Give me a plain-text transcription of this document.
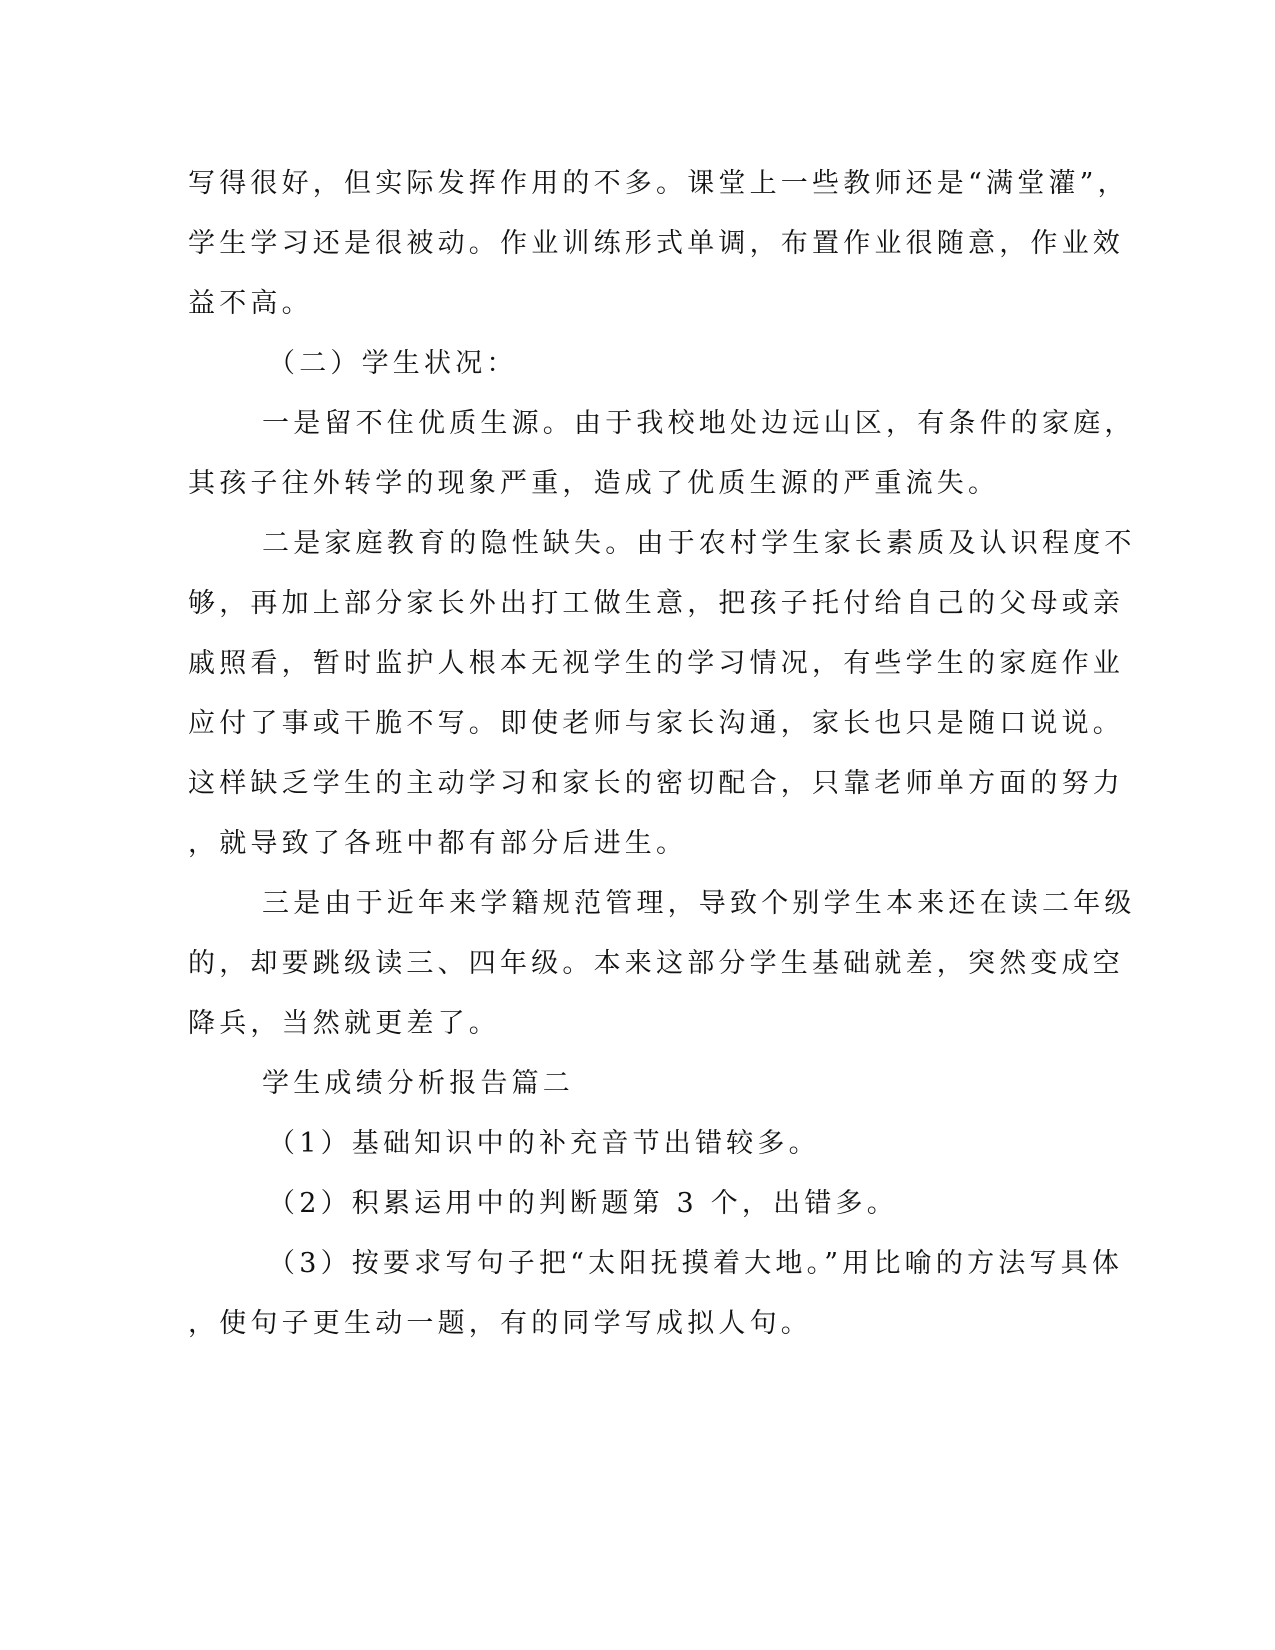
写得很好，但实际发挥作用的不多。课堂上一些教师还是“满堂灌”，
学生学习还是很被动。作业训练形式单调，布置作业很随意，作业效
益不高。
（二）学生状况：
一是留不住优质生源。由于我校地处边远山区，有条件的家庭，
其孩子往外转学的现象严重，造成了优质生源的严重流失。
二是家庭教育的隐性缺失。由于农村学生家长素质及认识程度不
够，再加上部分家长外出打工做生意，把孩子托付给自己的父母或亲
戚照看，暂时监护人根本无视学生的学习情况，有些学生的家庭作业
应付了事或干脆不写。即使老师与家长沟通，家长也只是随口说说。
这样缺乏学生的主动学习和家长的密切配合，只靠老师单方面的努力
，就导致了各班中都有部分后进生。
三是由于近年来学籍规范管理，导致个别学生本来还在读二年级
的，却要跳级读三、四年级。本来这部分学生基础就差，突然变成空
降兵，当然就更差了。
学生成绩分析报告篇二
（1）基础知识中的补充音节出错较多。
（2）积累运用中的判断题第 3 个，出错多。
（3）按要求写句子把“太阳抚摸着大地。”用比喻的方法写具体
，使句子更生动一题，有的同学写成拟人句。
